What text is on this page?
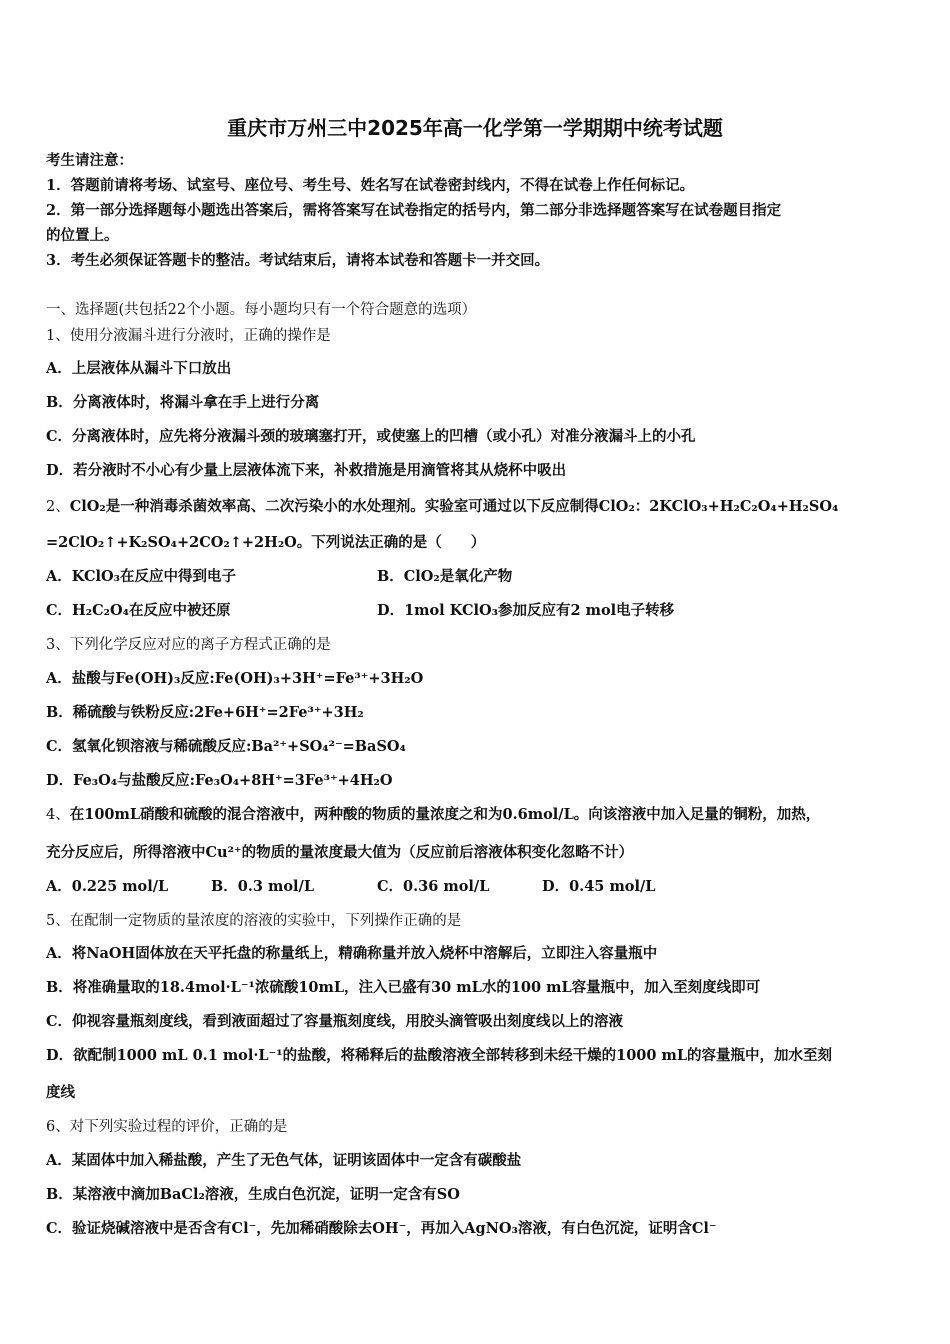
重庆市万州三中2025年高一化学第一学期期中统考试题
考生请注意：
1．答题前请将考场、试室号、座位号、考生号、姓名写在试卷密封线内，不得在试卷上作任何标记。
2．第一部分选择题每小题选出答案后，需将答案写在试卷指定的括号内，第二部分非选择题答案写在试卷题目指定
的位置上。
3．考生必须保证答题卡的整洁。考试结束后，请将本试卷和答题卡一并交回。
一、选择题(共包括22个小题。每小题均只有一个符合题意的选项）
1、使用分液漏斗进行分液时，正确的操作是
A．上层液体从漏斗下口放出
B．分离液体时，将漏斗拿在手上进行分离
C．分离液体时，应先将分液漏斗颈的玻璃塞打开，或使塞上的凹槽（或小孔）对准分液漏斗上的小孔
D．若分液时不小心有少量上层液体流下来，补救措施是用滴管将其从烧杯中吸出
2、ClO₂是一种消毒杀菌效率高、二次污染小的水处理剂。实验室可通过以下反应制得ClO₂：2KClO₃+H₂C₂O₄+H₂SO₄
=2ClO₂↑+K₂SO₄+2CO₂↑+2H₂O。下列说法正确的是（　　）
A．KClO₃在反应中得到电子	B．ClO₂是氧化产物
C．H₂C₂O₄在反应中被还原	D．1mol KClO₃参加反应有2 mol电子转移
3、下列化学反应对应的离子方程式正确的是
A．盐酸与Fe(OH)₃反应:Fe(OH)₃+3H⁺=Fe³⁺+3H₂O
B．稀硫酸与铁粉反应:2Fe+6H⁺=2Fe³⁺+3H₂
C．氢氧化钡溶液与稀硫酸反应:Ba²⁺+SO₄²⁻=BaSO₄
D．Fe₃O₄与盐酸反应:Fe₃O₄+8H⁺=3Fe³⁺+4H₂O
4、在100mL硝酸和硫酸的混合溶液中，两种酸的物质的量浓度之和为0.6mol/L。向该溶液中加入足量的铜粉，加热，
充分反应后，所得溶液中Cu²⁺的物质的量浓度最大值为（反应前后溶液体积变化忽略不计）
A．0.225 mol/L	B．0.3 mol/L	C．0.36 mol/L	D．0.45 mol/L
5、在配制一定物质的量浓度的溶液的实验中，下列操作正确的是
A．将NaOH固体放在天平托盘的称量纸上，精确称量并放入烧杯中溶解后，立即注入容量瓶中
B．将准确量取的18.4mol·L⁻¹浓硫酸10mL，注入已盛有30 mL水的100 mL容量瓶中，加入至刻度线即可
C．仰视容量瓶刻度线，看到液面超过了容量瓶刻度线，用胶头滴管吸出刻度线以上的溶液
D．欲配制1000 mL 0.1 mol·L⁻¹的盐酸，将稀释后的盐酸溶液全部转移到未经干燥的1000 mL的容量瓶中，加水至刻
度线
6、对下列实验过程的评价，正确的是
A．某固体中加入稀盐酸，产生了无色气体，证明该固体中一定含有碳酸盐
B．某溶液中滴加BaCl₂溶液，生成白色沉淀，证明一定含有SO
C．验证烧碱溶液中是否含有Cl⁻，先加稀硝酸除去OH⁻，再加入AgNO₃溶液，有白色沉淀，证明含Cl⁻
